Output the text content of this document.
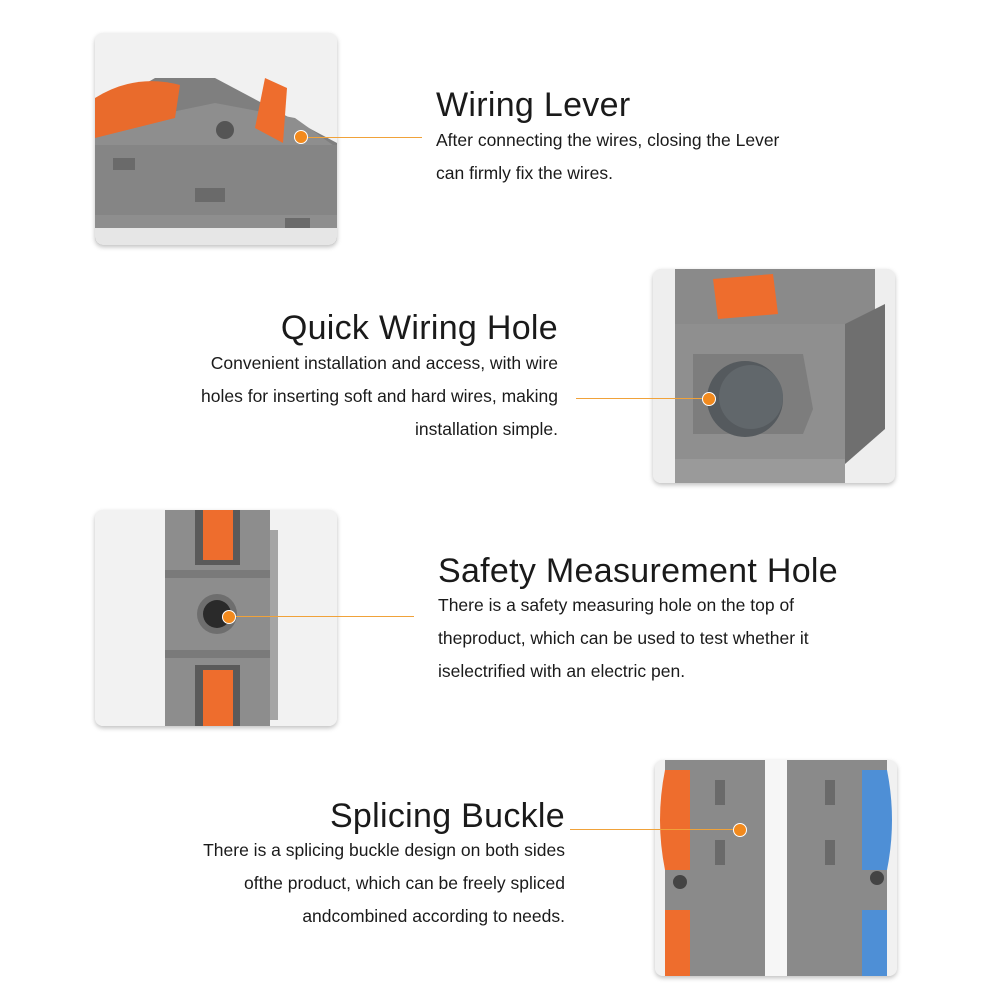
Wiring Lever
After connecting the wires, closing the Lever
can firmly fix the wires.
Quick Wiring Hole
Convenient installation and access, with wire
holes for inserting soft and hard wires, making
installation simple.
Safety Measurement Hole
There is a safety measuring hole on the top of
theproduct, which can be used to test whether it
iselectrified with an electric pen.
Splicing Buckle
There is a splicing buckle design on both sides
ofthe product, which can be freely spliced
andcombined according to needs.
